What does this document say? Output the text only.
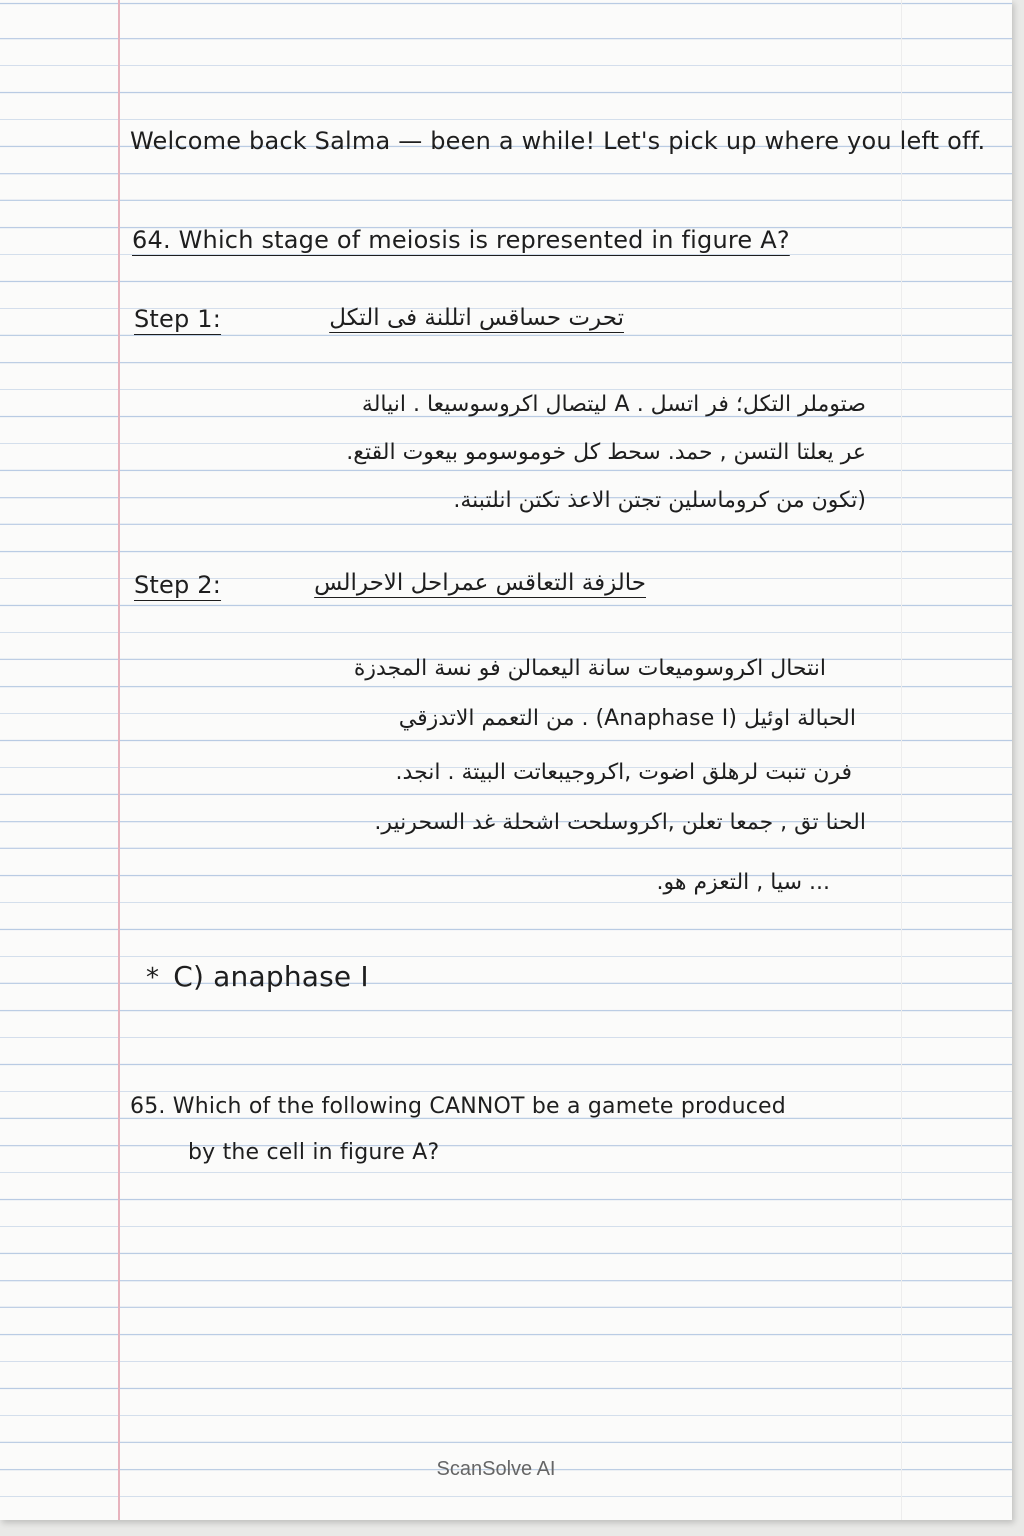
Welcome back Salma — been a while! Let's pick up where you left off.
64. Which stage of meiosis is represented in figure A?
Step 1:	تحرت حساقس اتللنة فى التكل
صتوملر التكل؛ فر اتسل . A ليتصال اكروسوسيعا . انيالة
عر يعلتا التسن , حمد. سحط كل خوموسومو بيعوت القتع.
(تكون من كروماسلين تجتن الاعذ تكتن انلتبنة.
Step 2:	حالزفة التعاقس عمراحل الاحرالس
انتحال اكروسوميعات سانة اليعمالن فو نسة المجدزة
الحبالة اوئيل (Anaphase I) . من التعمم الاتدزقي
فرن تنبت لرهلق اضوت ,اكروجيبعاتت البيتة . انجد.
الحنا تق , جمعا تعلن ,اكروسلحت اشحلة غد السحرنير.
... سيا , التعزم هو.
* C) anaphase I
65. Which of the following CANNOT be a gamete produced
by the cell in figure A?
ScanSolve AI
